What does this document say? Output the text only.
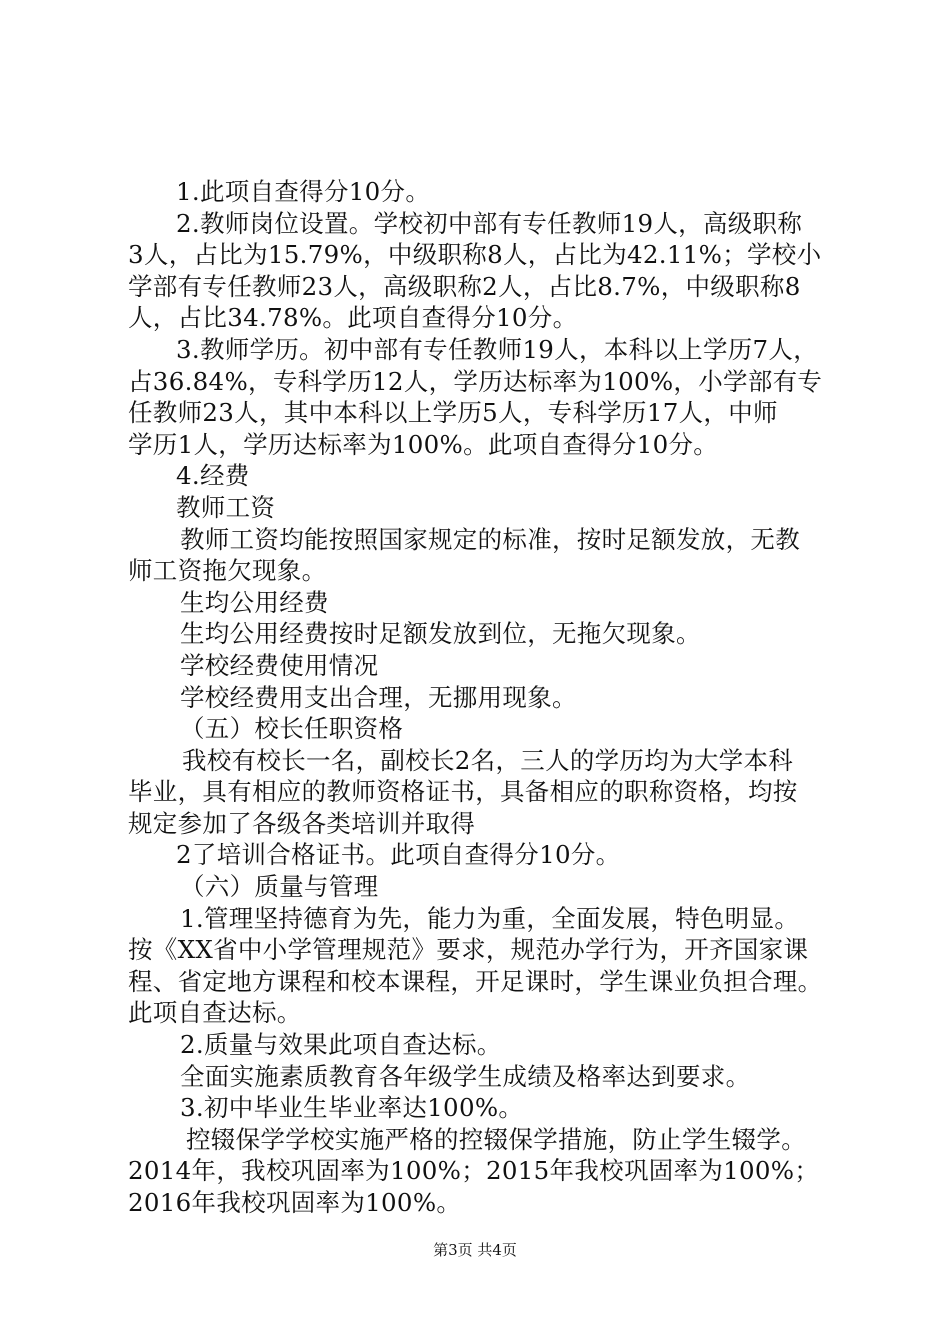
1.此项自查得分10分。
2.教师岗位设置。学校初中部有专任教师19人，高级职称
3人，占比为15.79%，中级职称8人，占比为42.11%；学校小
学部有专任教师23人，高级职称2人，占比8.7%，中级职称8
人，占比34.78%。此项自查得分10分。
3.教师学历。初中部有专任教师19人，本科以上学历7人，
占36.84%，专科学历12人，学历达标率为100%，小学部有专
任教师23人，其中本科以上学历5人，专科学历17人，中师
学历1人，学历达标率为100%。此项自查得分10分。
4.经费
教师工资
教师工资均能按照国家规定的标准，按时足额发放，无教
师工资拖欠现象。
生均公用经费
生均公用经费按时足额发放到位，无拖欠现象。
学校经费使用情况
学校经费用支出合理，无挪用现象。
（五）校长任职资格
我校有校长一名，副校长2名，三人的学历均为大学本科
毕业，具有相应的教师资格证书，具备相应的职称资格，均按
规定参加了各级各类培训并取得
2了培训合格证书。此项自查得分10分。
（六）质量与管理
1.管理坚持德育为先，能力为重，全面发展，特色明显。
按《XX省中小学管理规范》要求，规范办学行为，开齐国家课
程、省定地方课程和校本课程，开足课时，学生课业负担合理。
此项自查达标。
2.质量与效果此项自查达标。
全面实施素质教育各年级学生成绩及格率达到要求。
3.初中毕业生毕业率达100%。
控辍保学学校实施严格的控辍保学措施，防止学生辍学。
2014年，我校巩固率为100%；2015年我校巩固率为100%；
2016年我校巩固率为100%。
第3页 共4页
